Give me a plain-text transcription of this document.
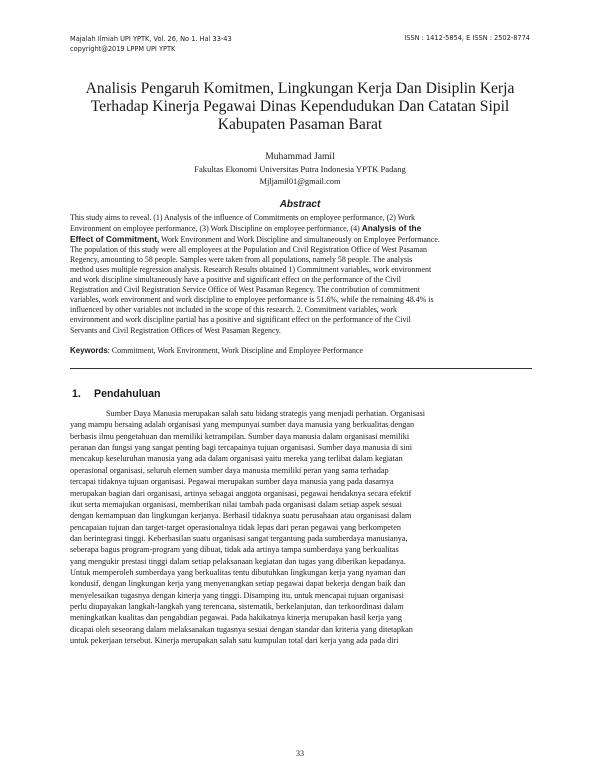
Majalah Ilmiah UPI YPTK, Vol. 26, No 1. Hal 33-43
copyright@2019 LPPM UPI YPTK
ISSN : 1412-5854, E ISSN : 2502-8774
Analisis Pengaruh Komitmen, Lingkungan Kerja Dan Disiplin Kerja
Terhadap Kinerja Pegawai Dinas Kependudukan Dan Catatan Sipil
Kabupaten Pasaman Barat
Muhammad Jamil
Fakultas Ekonomi Universitas Putra Indonesia YPTK Padang
Mjljamil01@gmail.com
Abstract
This study aims to reveal. (1) Analysis of the influence of Commitments on employee performance, (2) Work
Environment on employee performance, (3) Work Discipline on employee performance, (4) Analysis of the
Effect of Commitment, Work Environment and Work Discipline and simultaneously on Employee Performance.
The population of this study were all employees at the Population and Civil Registration Office of West Pasaman
Regency, amounting to 58 people. Samples were taken from all populations, namely 58 people. The analysis
method uses multiple regression analysis. Research Results obtained 1) Commitment variables, work environment
and work discipline simultaneously have a positive and significant effect on the performance of the Civil
Registration and Civil Registration Service Office of West Pasaman Regency. The contribution of commitment
variables, work environment and work discipline to employee performance is 51.6%, while the remaining 48.4% is
influenced by other variables not included in the scope of this research. 2. Commitment variables, work
environment and work discipline partial has a positive and significant effect on the performance of the Civil
Servants and Civil Registration Offices of West Pasaman Regency.
Keywords: Commitment, Work Environment, Work Discipline and Employee Performance
1. Pendahuluan
Sumber Daya Manusia merupakan salah satu bidang strategis yang menjadi perhatian. Organisasi
yang mampu bersaing adalah organisasi yang mempunyai sumber daya manusia yang berkualitas dengan
berbasis ilmu pengetahuan dan memiliki ketrampilan. Sumber daya manusia dalam organisasi memiliki
peranan dan fungsi yang sangat penting bagi tercapainya tujuan organisasi. Sumber daya manusia di sini
mencakup keseluruhan manusia yang ada dalam organisasi yaitu mereka yang terlibat dalam kegiatan
operasional organisasi, seluruh elemen sumber daya manusia memiliki peran yang sama terhadap
tercapai tidaknya tujuan organisasi. Pegawai merupakan sumber daya manusia yang pada dasarnya
merupakan bagian dari organisasi, artinya sebagai anggota organisasi, pegawai hendaknya secara efektif
ikut serta memajukan organisasi, memberikan nilai tambah pada organisasi dalam setiap aspek sesuai
dengan kemampuan dan lingkungan kerjanya. Berhasil tidaknya suatu perusahaan atau organisasi dalam
pencapaian tujuan dan target-target operasionalnya tidak lepas dari peran pegawai yang berkompeten
dan berintegrasi tinggi. Keberhasilan suatu organisasi sangat tergantung pada sumberdaya manusianya,
seberapa bagus program-program yang dibuat, tidak ada artinya tampa sumberdaya yang berkualitas
yang mengukir prestasi tinggi dalam setiap pelaksanaan kegiatan dan tugas yang diberikan kepadanya.
Untuk memperoleh sumberdaya yang berkualitas tentu dibutuhkan lingkungan kerja yang nyaman dan
kondusif, dengan lingkungan kerja yang menyenangkan setiap pegawai dapat bekerja dengan baik dan
menyelesaikan tugasnya dengan kinerja yang tinggi. Disamping itu, untuk mencapai tujuan organisasi
perlu diupayakan langkah-langkah yang terencana, sistematik, berkelanjutan, dan terkoordinasi dalam
meningkatkan kualitas dan pengabdian pegawai. Pada hakikatnya kinerja merupakan hasil kerja yang
dicapai oleh seseorang dalam melaksanakan tugasnya sesuai dengan standar dan kriteria yang ditetapkan
untuk pekerjaan tersebut. Kinerja merupakan salah satu kumpulan total dari kerja yang ada pada diri
33
